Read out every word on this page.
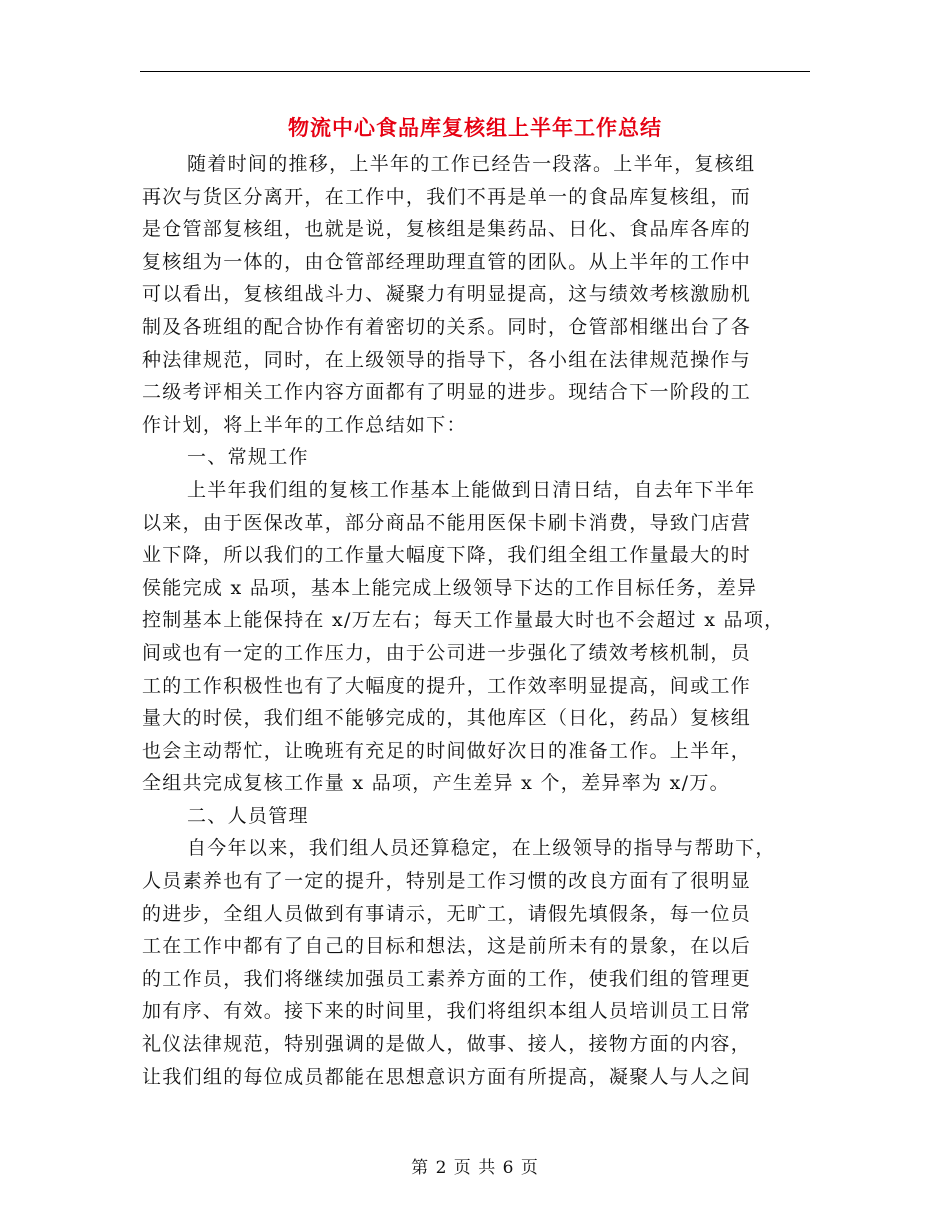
物流中心食品库复核组上半年工作总结
随着时间的推移，上半年的工作已经告一段落。上半年，复核组
再次与货区分离开，在工作中，我们不再是单一的食品库复核组，而
是仓管部复核组，也就是说，复核组是集药品、日化、食品库各库的
复核组为一体的，由仓管部经理助理直管的团队。从上半年的工作中
可以看出，复核组战斗力、凝聚力有明显提高，这与绩效考核激励机
制及各班组的配合协作有着密切的关系。同时，仓管部相继出台了各
种法律规范，同时，在上级领导的指导下，各小组在法律规范操作与
二级考评相关工作内容方面都有了明显的进步。现结合下一阶段的工
作计划，将上半年的工作总结如下：
一、常规工作
上半年我们组的复核工作基本上能做到日清日结，自去年下半年
以来，由于医保改革，部分商品不能用医保卡刷卡消费，导致门店营
业下降，所以我们的工作量大幅度下降，我们组全组工作量最大的时
侯能完成 x 品项，基本上能完成上级领导下达的工作目标任务，差异
控制基本上能保持在 x/万左右；每天工作量最大时也不会超过 x 品项，
间或也有一定的工作压力，由于公司进一步强化了绩效考核机制，员
工的工作积极性也有了大幅度的提升，工作效率明显提高，间或工作
量大的时侯，我们组不能够完成的，其他库区（日化，药品）复核组
也会主动帮忙，让晚班有充足的时间做好次日的准备工作。上半年，
全组共完成复核工作量 x 品项，产生差异 x 个，差异率为 x/万。
二、人员管理
自今年以来，我们组人员还算稳定，在上级领导的指导与帮助下，
人员素养也有了一定的提升，特别是工作习惯的改良方面有了很明显
的进步，全组人员做到有事请示，无旷工，请假先填假条，每一位员
工在工作中都有了自己的目标和想法，这是前所未有的景象，在以后
的工作员，我们将继续加强员工素养方面的工作，使我们组的管理更
加有序、有效。接下来的时间里，我们将组织本组人员培训员工日常
礼仪法律规范，特别强调的是做人，做事、接人，接物方面的内容，
让我们组的每位成员都能在思想意识方面有所提高，凝聚人与人之间
第 2 页 共 6 页
